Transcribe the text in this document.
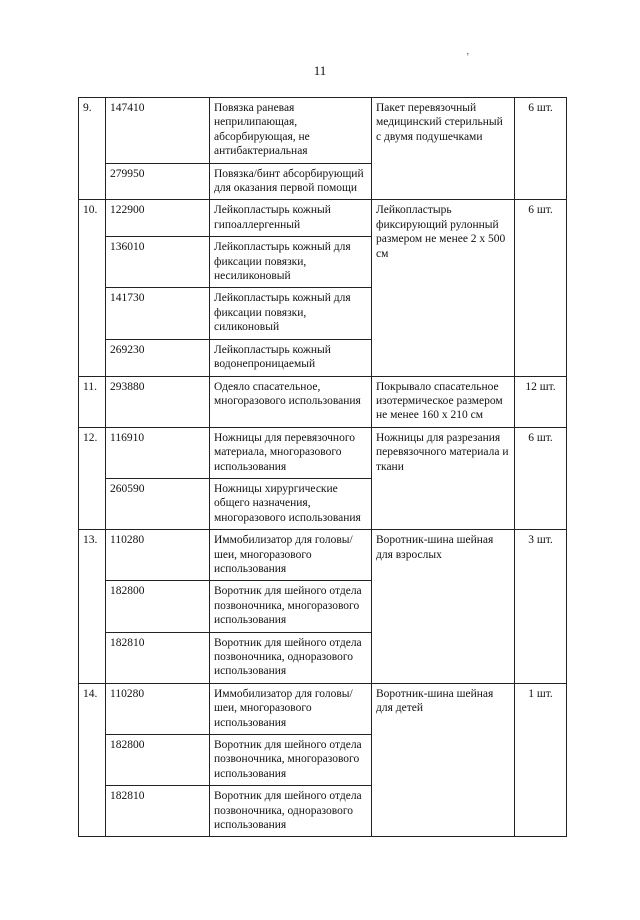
11
ʼ
9.	147410	Повязка раневая неприлипающая, абсорбирующая, не антибактериальная	Пакет перевязочный медицинский стерильный с двумя подушечками	6 шт.
	279950	Повязка/бинт абсорбирующий для оказания первой помощи		
10.	122900	Лейкопластырь кожный гипоаллергенный	Лейкопластырь фиксирующий рулонный размером не менее 2 х 500 см	6 шт.
	136010	Лейкопластырь кожный для фиксации повязки, несиликоновый		
	141730	Лейкопластырь кожный для фиксации повязки, силиконовый		
	269230	Лейкопластырь кожный водонепроницаемый		
11.	293880	Одеяло спасательное, многоразового использования	Покрывало спасательное изотермическое размером не менее 160 х 210 см	12 шт.
12.	116910	Ножницы для перевязочного материала, многоразового использования	Ножницы для разрезания перевязочного материала и ткани	6 шт.
	260590	Ножницы хирургические общего назначения, многоразового использования		
13.	110280	Иммобилизатор для головы/шеи, многоразового использования	Воротник-шина шейная для взрослых	3 шт.
	182800	Воротник для шейного отдела позвоночника, многоразового использования		
	182810	Воротник для шейного отдела позвоночника, одноразового использования		
14.	110280	Иммобилизатор для головы/шеи, многоразового использования	Воротник-шина шейная для детей	1 шт.
	182800	Воротник для шейного отдела позвоночника, многоразового использования		
	182810	Воротник для шейного отдела позвоночника, одноразового использования		
